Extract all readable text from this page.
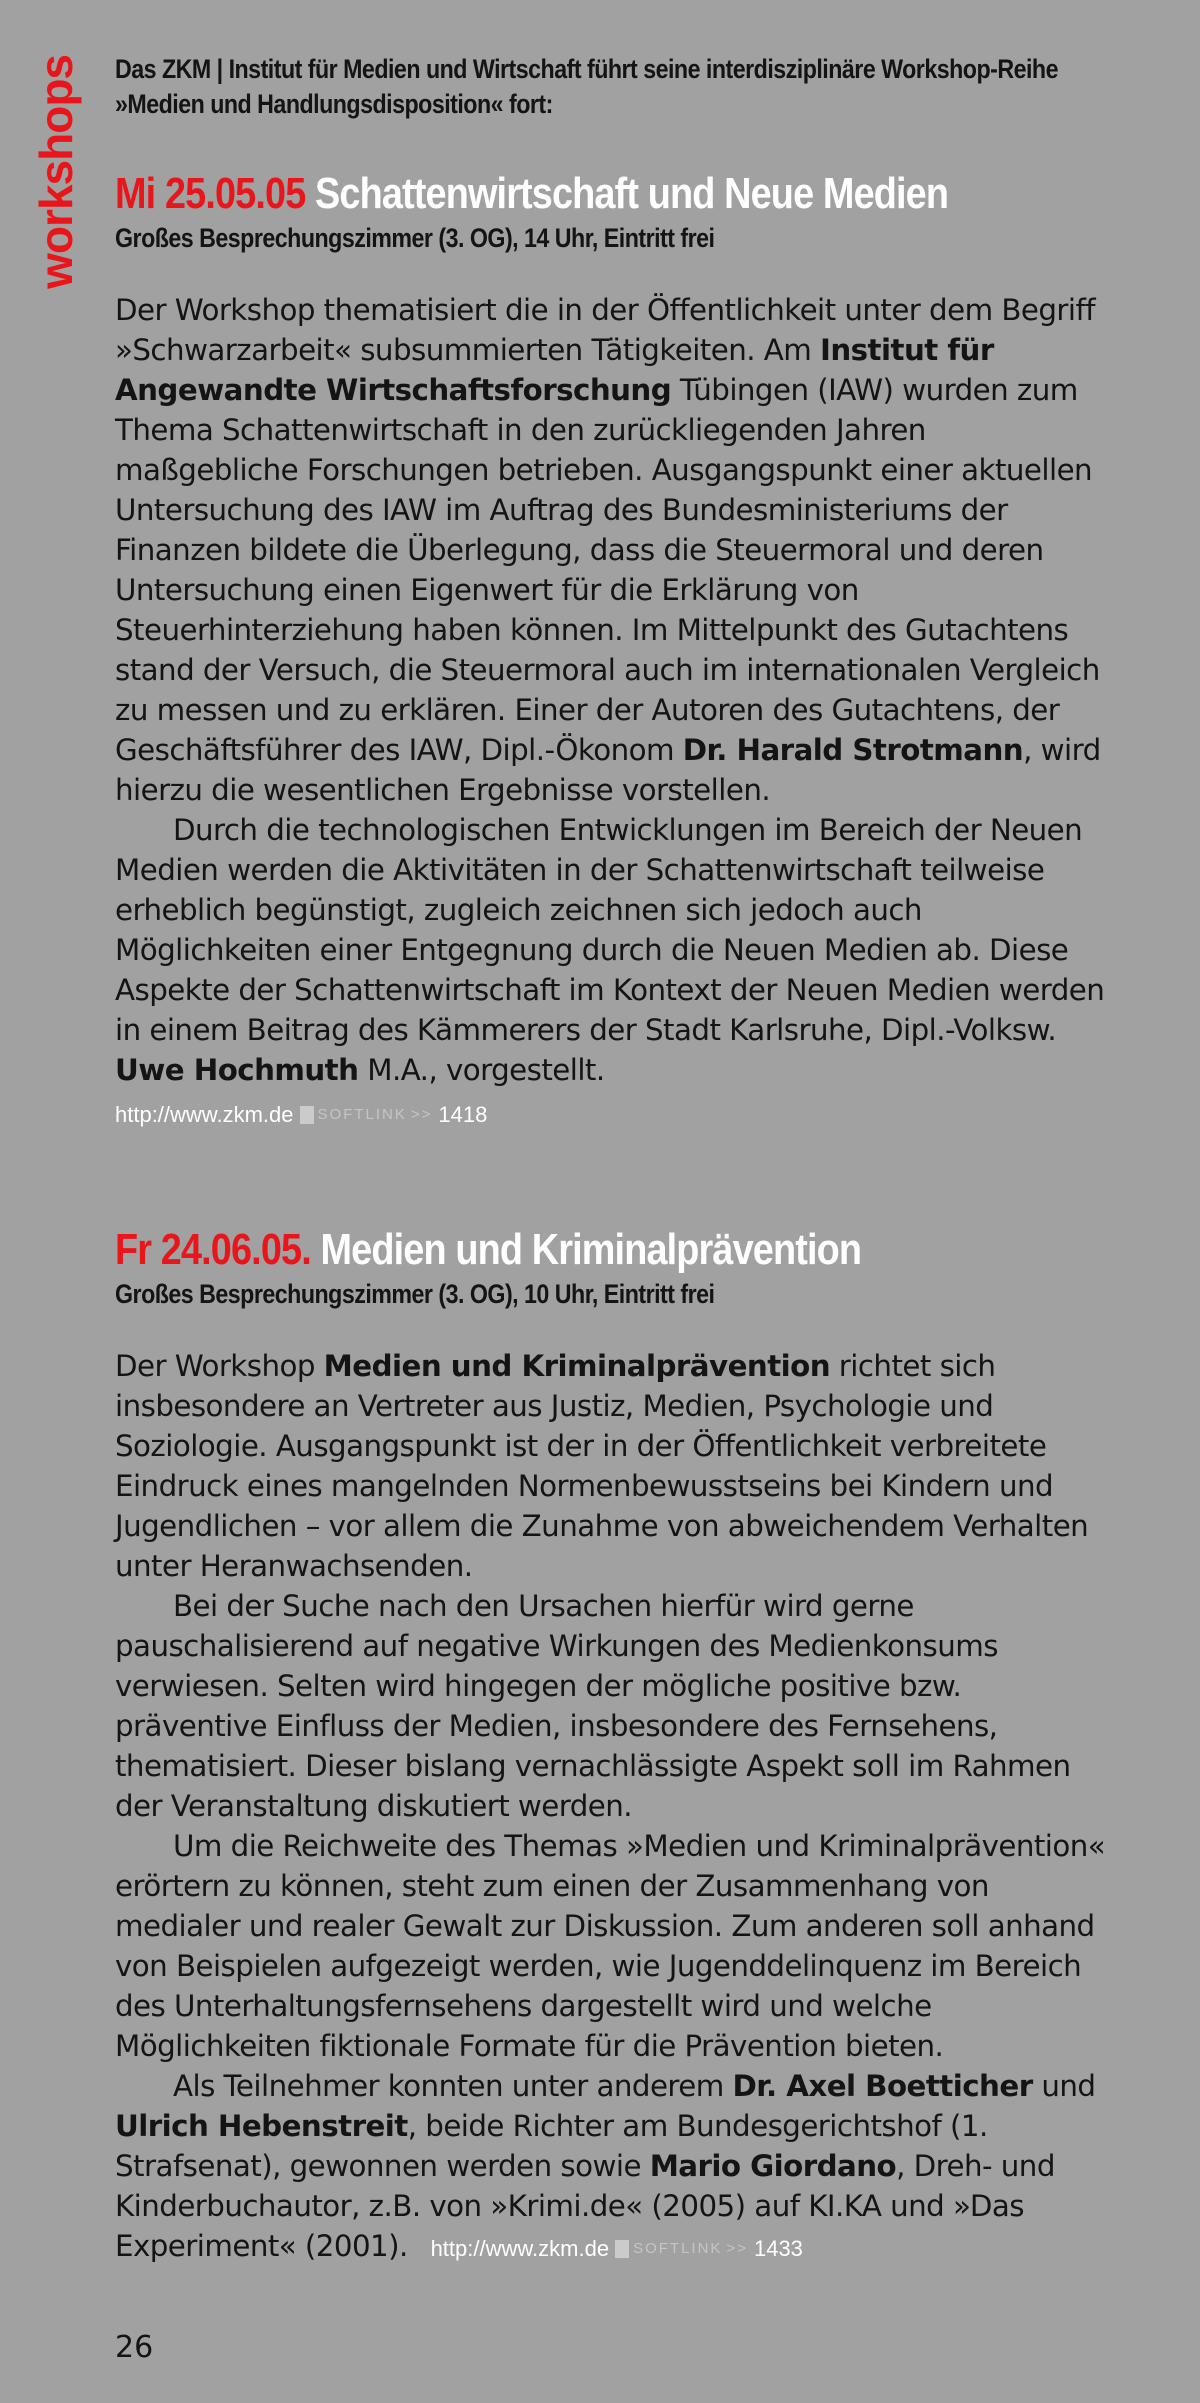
workshops Das ZKM | Institut für Medien und Wirtschaft führt seine interdisziplinäre Workshop-Reihe »Medien und Handlungsdisposition« fort:

Mi 25.05.05 Schattenwirtschaft und Neue Medien

Großes Besprechungszimmer (3. OG), 14 Uhr, Eintritt frei

Der Workshop thematisiert die in der Öffentlichkeit unter dem Begriff »Schwarzarbeit« subsummierten Tätigkeiten. Am Institut für Angewandte Wirtschaftsforschung Tübingen (IAW) wurden zum Thema Schattenwirtschaft in den zurückliegenden Jahren maßgebliche Forschungen betrieben. Ausgangspunkt einer aktuellen Untersuchung des IAW im Auftrag des Bundesministeriums der Finanzen bildete die Überlegung, dass die Steuermoral und deren Untersuchung einen Eigenwert für die Erklärung von Steuerhinterziehung haben können. Im Mittelpunkt des Gutachtens stand der Versuch, die Steuermoral auch im internationalen Vergleich zu messen und zu erklären. Einer der Autoren des Gutachtens, der Geschäftsführer des IAW, Dipl.-Ökonom Dr. Harald Strotmann, wird hierzu die wesentlichen Ergebnisse vorstellen.

Durch die technologischen Entwicklungen im Bereich der Neuen Medien werden die Aktivitäten in der Schattenwirtschaft teilweise erheblich begünstigt, zugleich zeichnen sich jedoch auch Möglichkeiten einer Entgegnung durch die Neuen Medien ab. Diese Aspekte der Schattenwirtschaft im Kontext der Neuen Medien werden in einem Beitrag des Kämmerers der Stadt Karlsruhe, Dipl.-Volksw. Uwe Hochmuth M.A., vorgestellt.

http://www.zkm.de SOFTLINK >> 1418
Fr 24.06.05. Medien und Kriminalprävention

Großes Besprechungszimmer (3. OG), 10 Uhr, Eintritt frei

Der Workshop Medien und Kriminalprävention richtet sich insbesondere an Vertreter aus Justiz, Medien, Psychologie und Soziologie. Ausgangspunkt ist der in der Öffentlichkeit verbreitete Eindruck eines mangelnden Normenbewusstseins bei Kindern und Jugendlichen – vor allem die Zunahme von abweichendem Verhalten unter Heranwachsenden.

Bei der Suche nach den Ursachen hierfür wird gerne pauschalisierend auf negative Wirkungen des Medienkonsums verwiesen. Selten wird hingegen der mögliche positive bzw. präventive Einfluss der Medien, insbesondere des Fernsehens, thematisiert. Dieser bislang vernachlässigte Aspekt soll im Rahmen der Veranstaltung diskutiert werden.

Um die Reichweite des Themas »Medien und Kriminalprävention« erörtern zu können, steht zum einen der Zusammenhang von medialer und realer Gewalt zur Diskussion. Zum anderen soll anhand von Beispielen aufgezeigt werden, wie Jugenddelinquenz im Bereich des Unterhaltungsfernsehens dargestellt wird und welche Möglichkeiten fiktionale Formate für die Prävention bieten.

Als Teilnehmer konnten unter anderem Dr. Axel Boetticher und Ulrich Hebenstreit, beide Richter am Bundesgerichtshof (1. Strafsenat), gewonnen werden sowie Mario Giordano, Dreh- und Kinderbuchautor, z.B. von »Krimi.de« (2005) auf KI.KA und »Das Experiment« (2001). http://www.zkm.de SOFTLINK >> 1433

26
